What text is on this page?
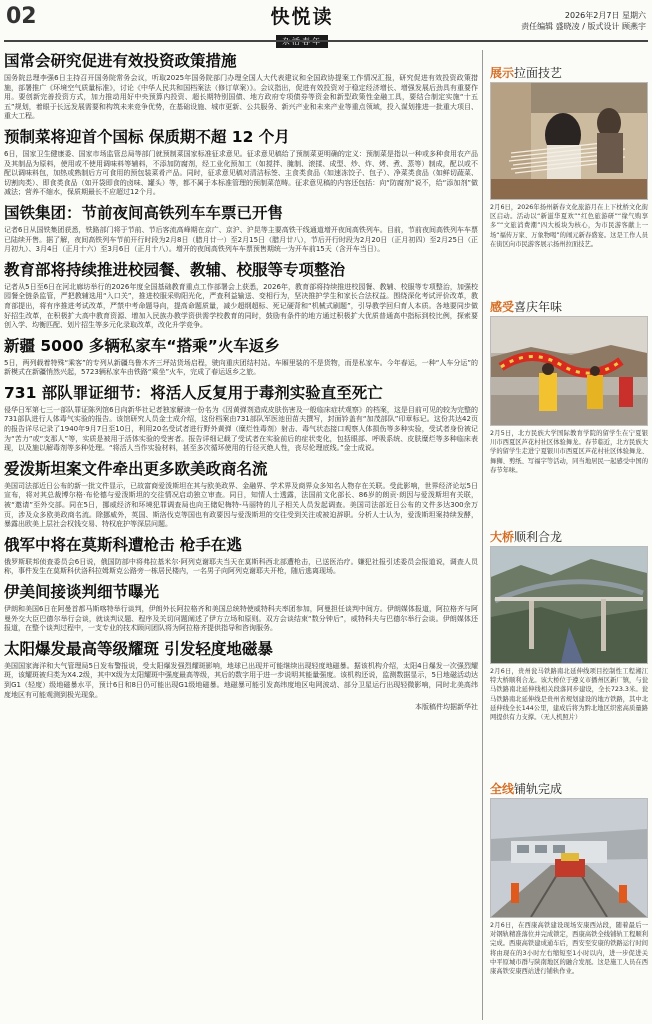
02	快悦读	2026年2月7日 星期六
责任编辑 盛晓凌 / 版式设计 顾燕宇
国常会研究促进有效投资政策措施

国务院总理李强6日主持召开国务院常务会议，听取2025年国务院部门办理全国人大代表建议和全国政协提案工作情况汇报，研究促进有效投资政策措施，部署推广《环境空气质量标准》，讨论《中华人民共和国档案法（修订草案）》。会议指出，促进有效投资对于稳定经济增长、增强发展后劲具有重要作用。要创新完善投资方式，加力推动用好中央预算内投资、超长期特别国债、地方政府专项债券等资金和新型政策性金融工具，要结合制定实施“十五五”规划，着眼于长远发展需要和构筑未来竞争优势，在基础设施、城市更新、公共服务、新兴产业和未来产业等重点领域，投入谋划推进一批重大项目、重大工程。

预制菜将迎首个国标 保质期不超 12 个月

6日，国家卫生健康委、国家市场监管总局等部门就预制菜国家标准征求意见。征求意见稿给了预制菜更明确的定义：预制菜是指以一种或多种食用农产品及其制品为原料，使用或不使用调味料等辅料，不添加防腐剂，经工业化预加工（如搅拌、腌制、滚揉、成型、炒、炸、烤、煮、蒸等）制成，配以或不配以调味料包，加热或熟制后方可食用的预包装菜肴产品。同时，征求意见稿对清洁标签、主食类食品（如速冻饺子、包子）、净菜类食品（如鲜切蔬菜、切割肉类）、即食类食品（如开袋即食的卤味、罐头）等，都不属于本标准管理的预制菜范畴。征求意见稿的内容还包括：向“防腐剂”说不，给“添加剂”做减法；营养不缩水，保质期最长不应超过12个月。

国铁集团：节前夜间高铁列车车票已开售

记者6日从国铁集团获悉，铁路部门将于节前、节后客流高峰期在京广、京沪、沪昆等主要高铁干线通道增开夜间高铁列车。目前，节前夜间高铁列车车票已陆续开售。据了解，夜间高铁列车节前开行时段为2月8日（腊月廿一）至2月15日（腊月廿八），节后开行时段为2月20日（正月初四）至2月25日（正月初九）、3月4日（正月十六）至3月6日（正月十八）。增开的夜间高铁列车车票预售期统一为开车前15天（含开车当日）。

教育部将持续推进校园餐、教辅、校服等专项整治

记者从5日至6日在河北廊坊举行的2026年度全国基础教育重点工作部署会上获悉，2026年，教育部将持续推进校园餐、教辅、校服等专项整治，加强校园餐全链条监管，严把教辅选用“入口关”，推进校服采购阳光化，严查利益输送、变相行为，坚决推护学生和家长合法权益。围绕深化考试评价改革，教育部提出，将有序推进考试改革，严禁中考命题导向，提高命题质量，减少超纲超标、死记硬背和“机械式刷题”，引导教学回归育人本质。各地要同步做好招生改革，在积极扩大高中教育资源、增加入民族办教学资供需学校教育的同时，鼓励有条件的地方通过积极扩大优质普通高中指标到校比例，探索要创入学、均衡匹配、划片招生等多元化录取改革，改化升学竞争。

新疆 5000 多辆私家车“搭乘”火车返乡

5日，两列载着特殊“乘客”的专列从新疆乌鲁木齐三坪站货场启程，驶向重庆团结村站。车厢里装的不是货物，而是私家车。今年春运，一种“人车分运”的新模式在新疆悄然兴起，5723辆私家车由铁路“乘坐”火车，完成了春运返乡之旅。

731 部队罪证细节：将活人反复用于毒剂实验直至死亡

侵华日军第七三一部队罪证陈列馆6日向新华社记者独家解读一份名为《因黄弹剂造成皮肤伤害及一般临床症状观察》的档案，这是目前可见的较为完整的731部队进行人体毒气实验的报告。该馆研究人员金士成介绍，这份档案由731部队军医池田苗夫撰写，封面钤盖有“加茂部队”印章标记。这份共达42页的报告详尽记录了1940年9月7日至10日，利用20名受试者进行野外黄弹（糜烂性毒剂）射击、毒气状态接口观察人体损伤等多种实验，受试者身份被记为“苦力”或“支那人”等，实质是被用于活体实验的受害者。报告详细记载了受试者在实验前后的症状变化，包括眼部、呼吸系统、皮肤糜烂等多种临床表现，以及施以解毒剂等多种处理。“将活人当作实验材料，甚至多次循环使用的行径灭绝人性，丧尽伦理底线。”金士成说。

爱泼斯坦案文件牵出更多欧美政商名流

美国司法部近日公布的新一批文件显示，已故富商爱泼斯坦在其与欧美政界、金融界、学术界及商界众多知名人物存在关联。受此影响，世界经济论坛5日宣布，将对其总裁博尔格·布伦德与爱泼斯坦的交往情况启动独立审查。同日，知情人士透露，法国前文化部长、86岁的朗贡·朗因与爱泼斯坦有关联，被“邀请”至外交部。同在5日，挪威经济和环境犯罪调查局也向王储妃梅特-马丽特的儿子相关人员发起调查。美国司法部近日公布的文件多达300余万页，涉及众多欧美政商名流。除挪威外，英国、斯洛伐克等国也有政要因与爱泼斯坦的交往受到关注或被迫辞职。分析人士认为，爱泼斯坦案持续发酵，暴露出欧美上层社会权钱交易、特权庇护等深层问题。

俄军中将在莫斯科遭枪击 枪手在逃

俄罗斯联邦侦查委员会6日说，俄国防部中将弗拉基米尔·阿列克谢耶夫当天在莫斯科西北部遭枪击，已送医治疗。嫌犯社报引述委员会报道说，调查人员称，事件发生在莫斯科伏洛科拉姆斯克公路旁一栋居民楼内，一名男子向阿列克谢耶夫开枪，随后逃离现场。

伊美间接谈判细节曝光

伊朗和美国6日在阿曼首都马斯喀特举行谈判，伊朗外长阿拉格齐和美国总统特使威特科夫率团参加，阿曼担任谈判中间方。伊朗媒体报道，阿拉格齐与阿曼外交大臣巴德尔举行会谈，就谈判议题、程序及关切问题阐述了伊方立场和原则。双方会谈结束“数分钟后”，威特科夫与巴德尔举行会谈。伊朗媒体还报道，在整个谈判过程中，一支专业的技术顾问团队将为阿拉格齐提供指导和咨询服务。

太阳爆发最高等级耀斑 引发轻度地磁暴

美国国家海洋和大气管理局5日发布警报说，受太阳爆发强烈耀斑影响，地球已出现并可能继续出现轻度地磁暴。据该机构介绍，太阳4日爆发一次强烈耀斑，该耀斑被归类为X4.2级，其中X级为太阳耀斑中强度最高等级，其后的数字用于进一步说明其能量强度。该机构还说，监测数据显示，5日地磁活动达到G1（轻度）级地磁暴水平，预计6日和8日仍可能出现G1级地磁暴。地磁暴可能引发高纬度地区电网波动、部分卫星运行出现轻微影响，同时北美高纬度地区有可能观测到极光现象。

本版稿件均据新华社
展示拉面技艺

2月6日，2026年扬州新春文化旅游月在上下枕桥文化街区启动。活动以“新滋华夏欢”“红色旅游研”“缘气购享多”“文旅消费潮”四大板块为核心，为市民游客献上一场“福传万家、万象物喝”的闹元新春盛宴。这是工作人员在街区向市民游客展示扬州拉面技艺。

感受喜庆年味

2月5日，北方民族大学国际教育学院的留学生在宁夏银川市西夏区芦花村社区体验舞龙。春节临近，北方民族大学的留学生走进宁夏银川市西夏区芦花村社区体验舞龙、舞狮、剪纸、写福字等活动，同当地居民一起感受中国的春节年味。

大桥顺利合龙

2月6日，贵州瓮马铁路南北延伸线项目控制性工程湘江特大桥顺利合龙。该大桥位于遵义市播州区新厂镇，与瓮马铁路南北延伸线相关段落同步建设，全长723.3米。瓮马铁路南北延伸线是贵州省规划建设的地方铁路，其中北延伸线全长144公里，建成后将为黔北地区织密高质量路网提供有力支撑。（无人机照片）

全线铺轨完成

2月6日，在西康高铁建设现场安康西站段，随着最后一对钢轨精准落位并完成锁定，西康高铁全线铺轨工程顺利完成。西康高铁建成通车后，西安至安康的铁路运行时间将由现在的3小时左右缩短至1小时以内，进一步促进关中平原城市群与陕南地区的融合发展。这是施工人员在西康高铁安康西站进行铺轨作业。
